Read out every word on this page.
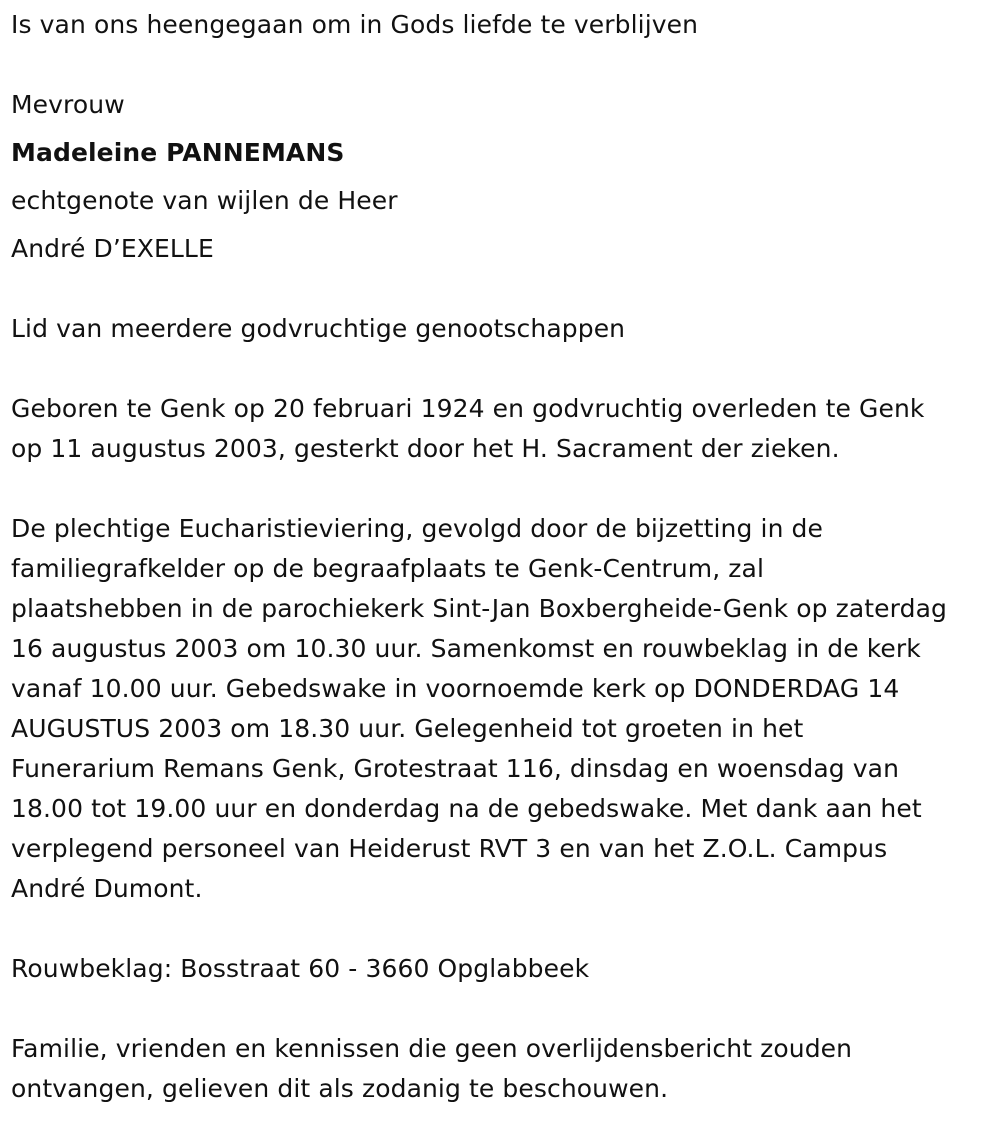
Is van ons heengegaan om in Gods liefde te verblijven
Mevrouw
Madeleine PANNEMANS
echtgenote van wijlen de Heer
André D’EXELLE
Lid van meerdere godvruchtige genootschappen
Geboren te Genk op 20 februari 1924 en godvruchtig overleden te Genk
op 11 augustus 2003, gesterkt door het H. Sacrament der zieken.
De plechtige Eucharistieviering, gevolgd door de bijzetting in de
familiegrafkelder op de begraafplaats te Genk-Centrum, zal
plaatshebben in de parochiekerk Sint-Jan Boxbergheide-Genk op zaterdag
16 augustus 2003 om 10.30 uur. Samenkomst en rouwbeklag in de kerk
vanaf 10.00 uur. Gebedswake in voornoemde kerk op DONDERDAG 14
AUGUSTUS 2003 om 18.30 uur. Gelegenheid tot groeten in het
Funerarium Remans Genk, Grotestraat 116, dinsdag en woensdag van
18.00 tot 19.00 uur en donderdag na de gebedswake. Met dank aan het
verplegend personeel van Heiderust RVT 3 en van het Z.O.L. Campus
André Dumont.
Rouwbeklag: Bosstraat 60 - 3660 Opglabbeek
Familie, vrienden en kennissen die geen overlijdensbericht zouden
ontvangen, gelieven dit als zodanig te beschouwen.
